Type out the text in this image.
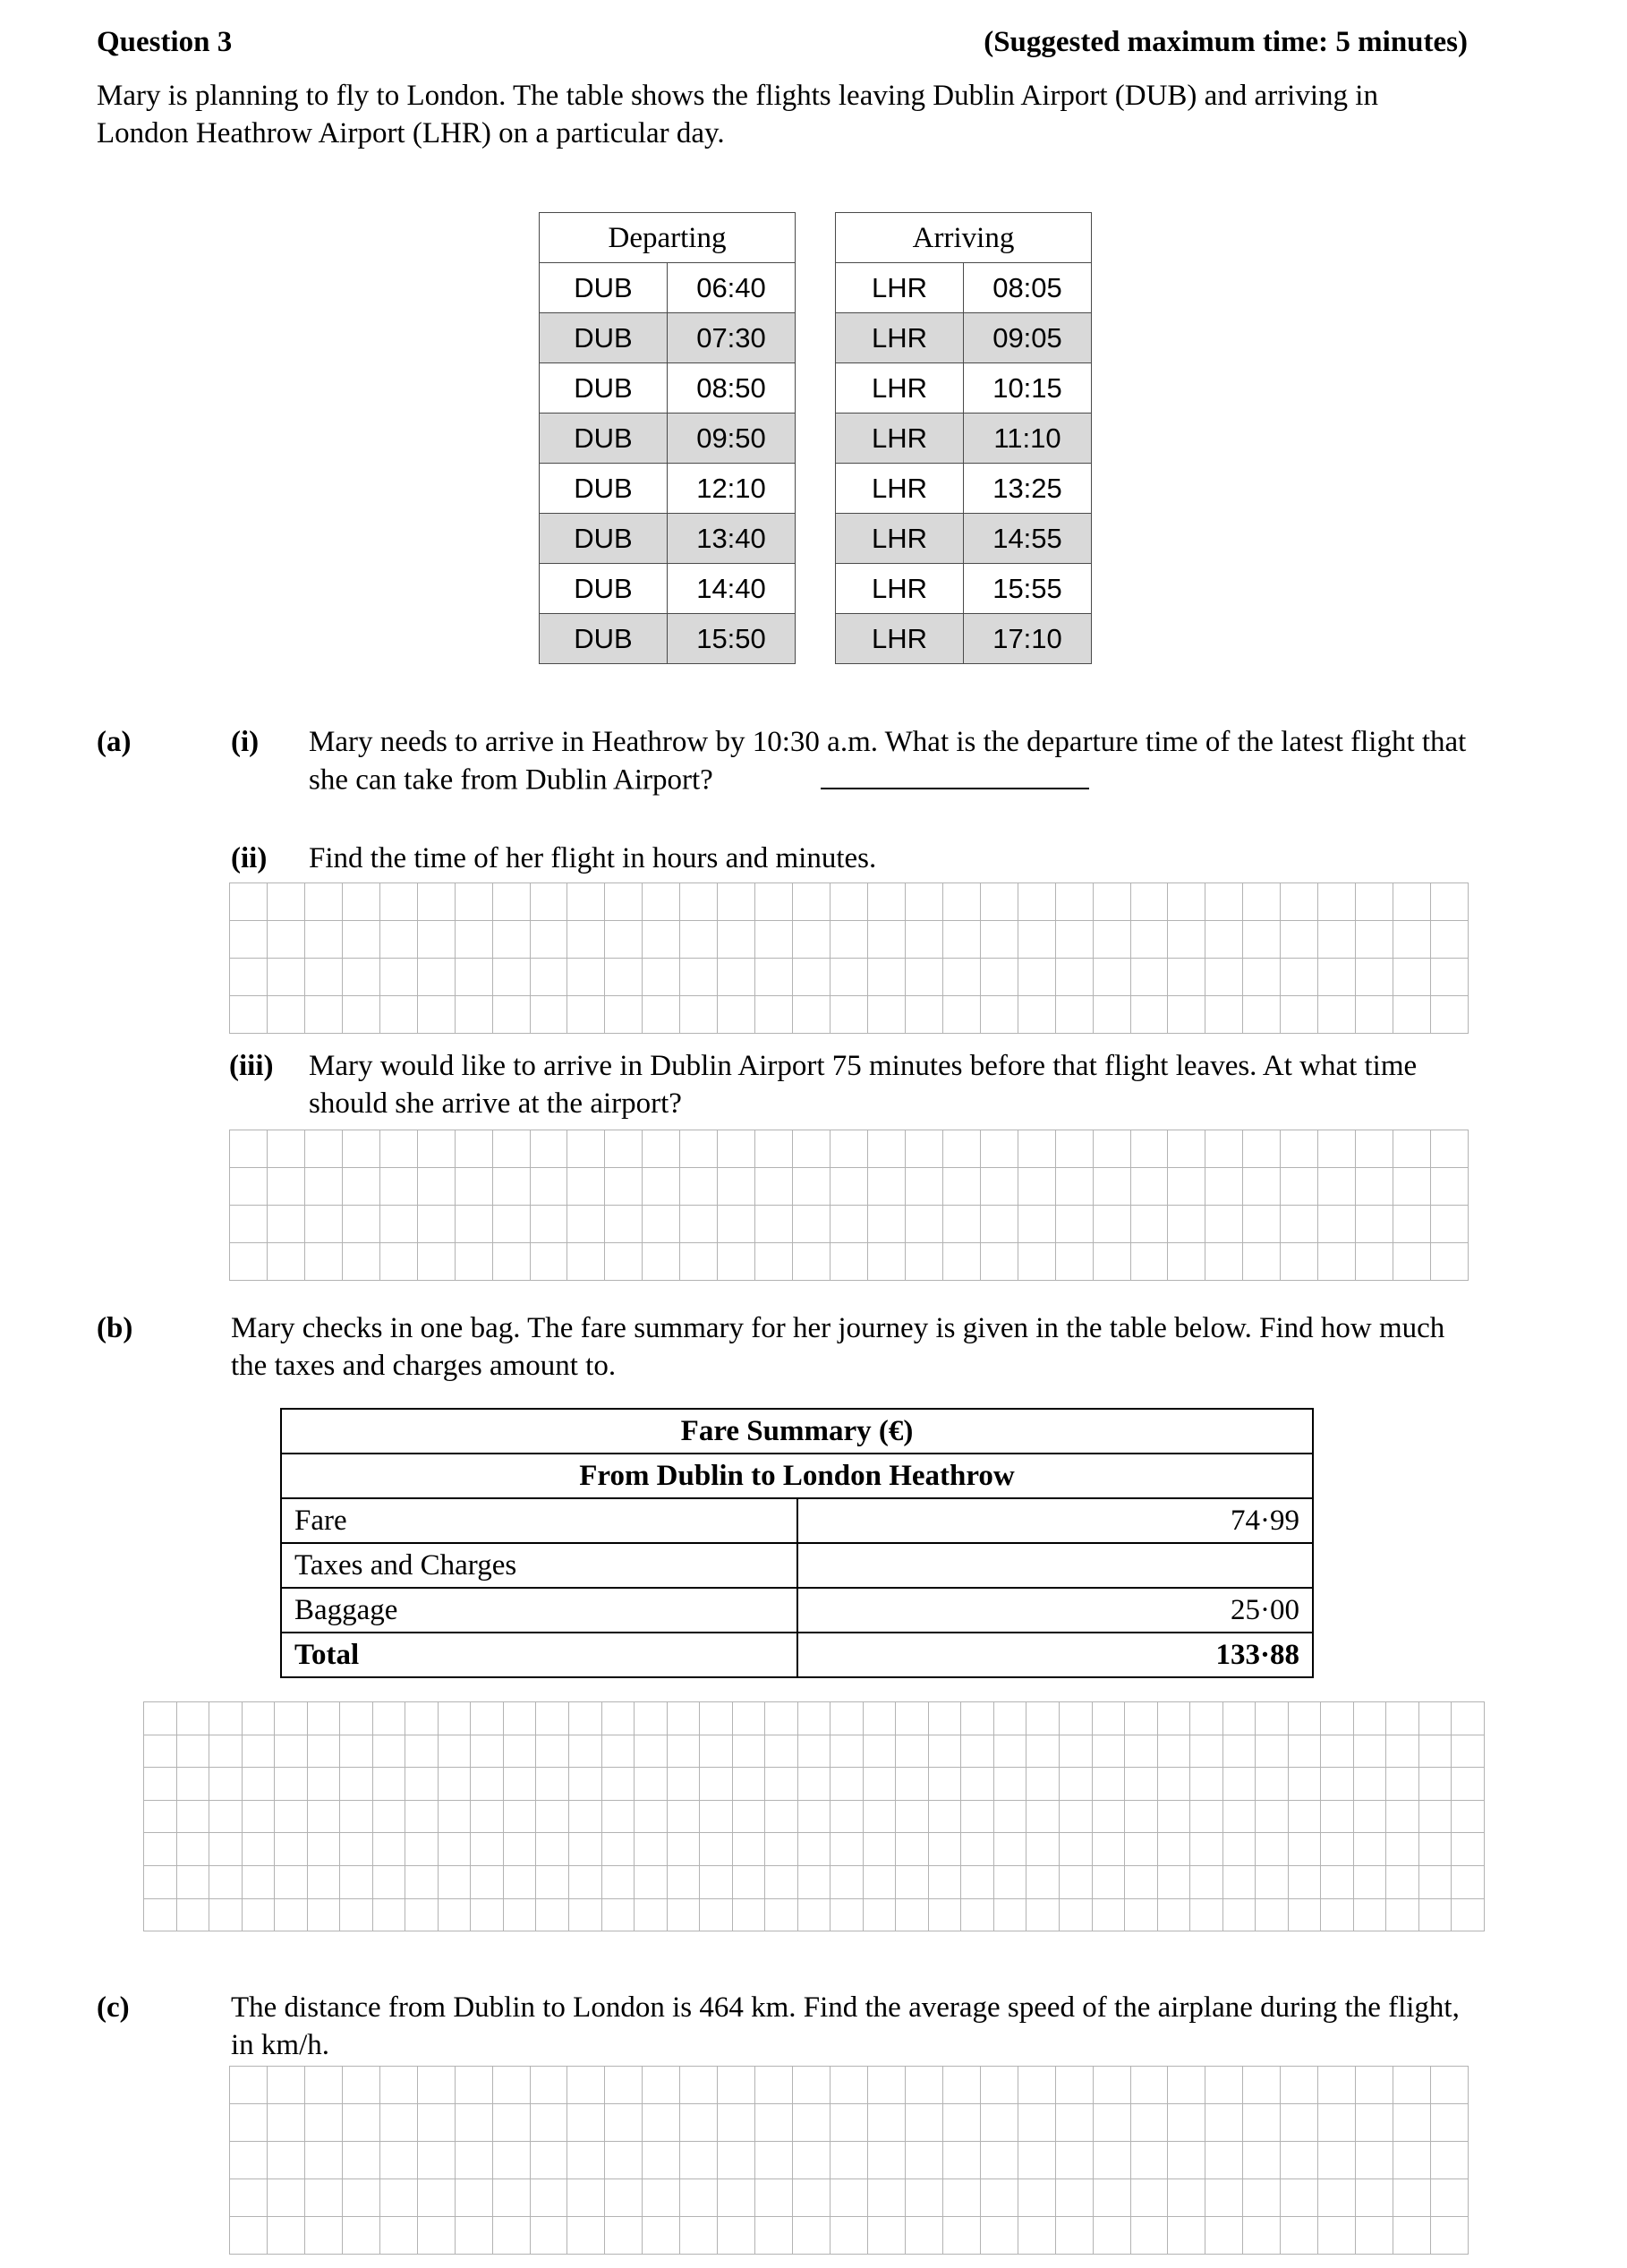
Question 3	(Suggested maximum time: 5 minutes)
Mary is planning to fly to London. The table shows the flights leaving Dublin Airport (DUB) and arriving in London Heathrow Airport (LHR) on a particular day.
Departing	
DUB	06:40
DUB	07:30
DUB	08:50
DUB	09:50
DUB	12:10
DUB	13:40
DUB	14:40
DUB	15:50
Arriving	
LHR	08:05
LHR	09:05
LHR	10:15
LHR	11:10
LHR	13:25
LHR	14:55
LHR	15:55
LHR	17:10
(a)	(i) Mary needs to arrive in Heathrow by 10:30 a.m. What is the departure time of the latest flight that she can take from Dublin Airport?
(ii) Find the time of her flight in hours and minutes.
(iii) Mary would like to arrive in Dublin Airport 75 minutes before that flight leaves. At what time should she arrive at the airport?
(b)	Mary checks in one bag. The fare summary for her journey is given in the table below. Find how much the taxes and charges amount to.
Fare Summary (€)	
From Dublin to London Heathrow	
Fare	74·99
Taxes and Charges	
Baggage	25·00
Total	133·88
(c)	The distance from Dublin to London is 464 km. Find the average speed of the airplane during the flight, in km/h.
